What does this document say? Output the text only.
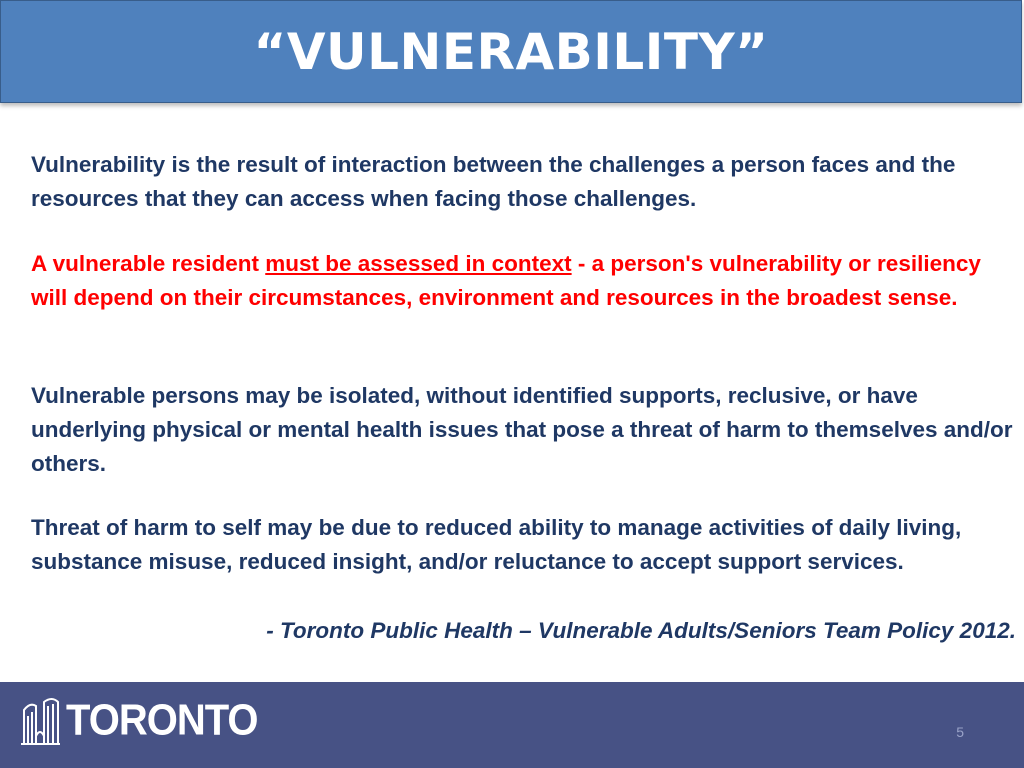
“VULNERABILITY”

Vulnerability is the result of interaction between the challenges a person faces and the resources that they can access when facing those challenges.

A vulnerable resident must be assessed in context - a person's vulnerability or resiliency will depend on their circumstances, environment and resources in the broadest sense.

Vulnerable persons may be isolated, without identified supports, reclusive, or have underlying physical or mental health issues that pose a threat of harm to themselves and/or others.

Threat of harm to self may be due to reduced ability to manage activities of daily living, substance misuse, reduced insight, and/or reluctance to accept support services.

- Toronto Public Health – Vulnerable Adults/Seniors Team Policy 2012.

TORONTO	5
